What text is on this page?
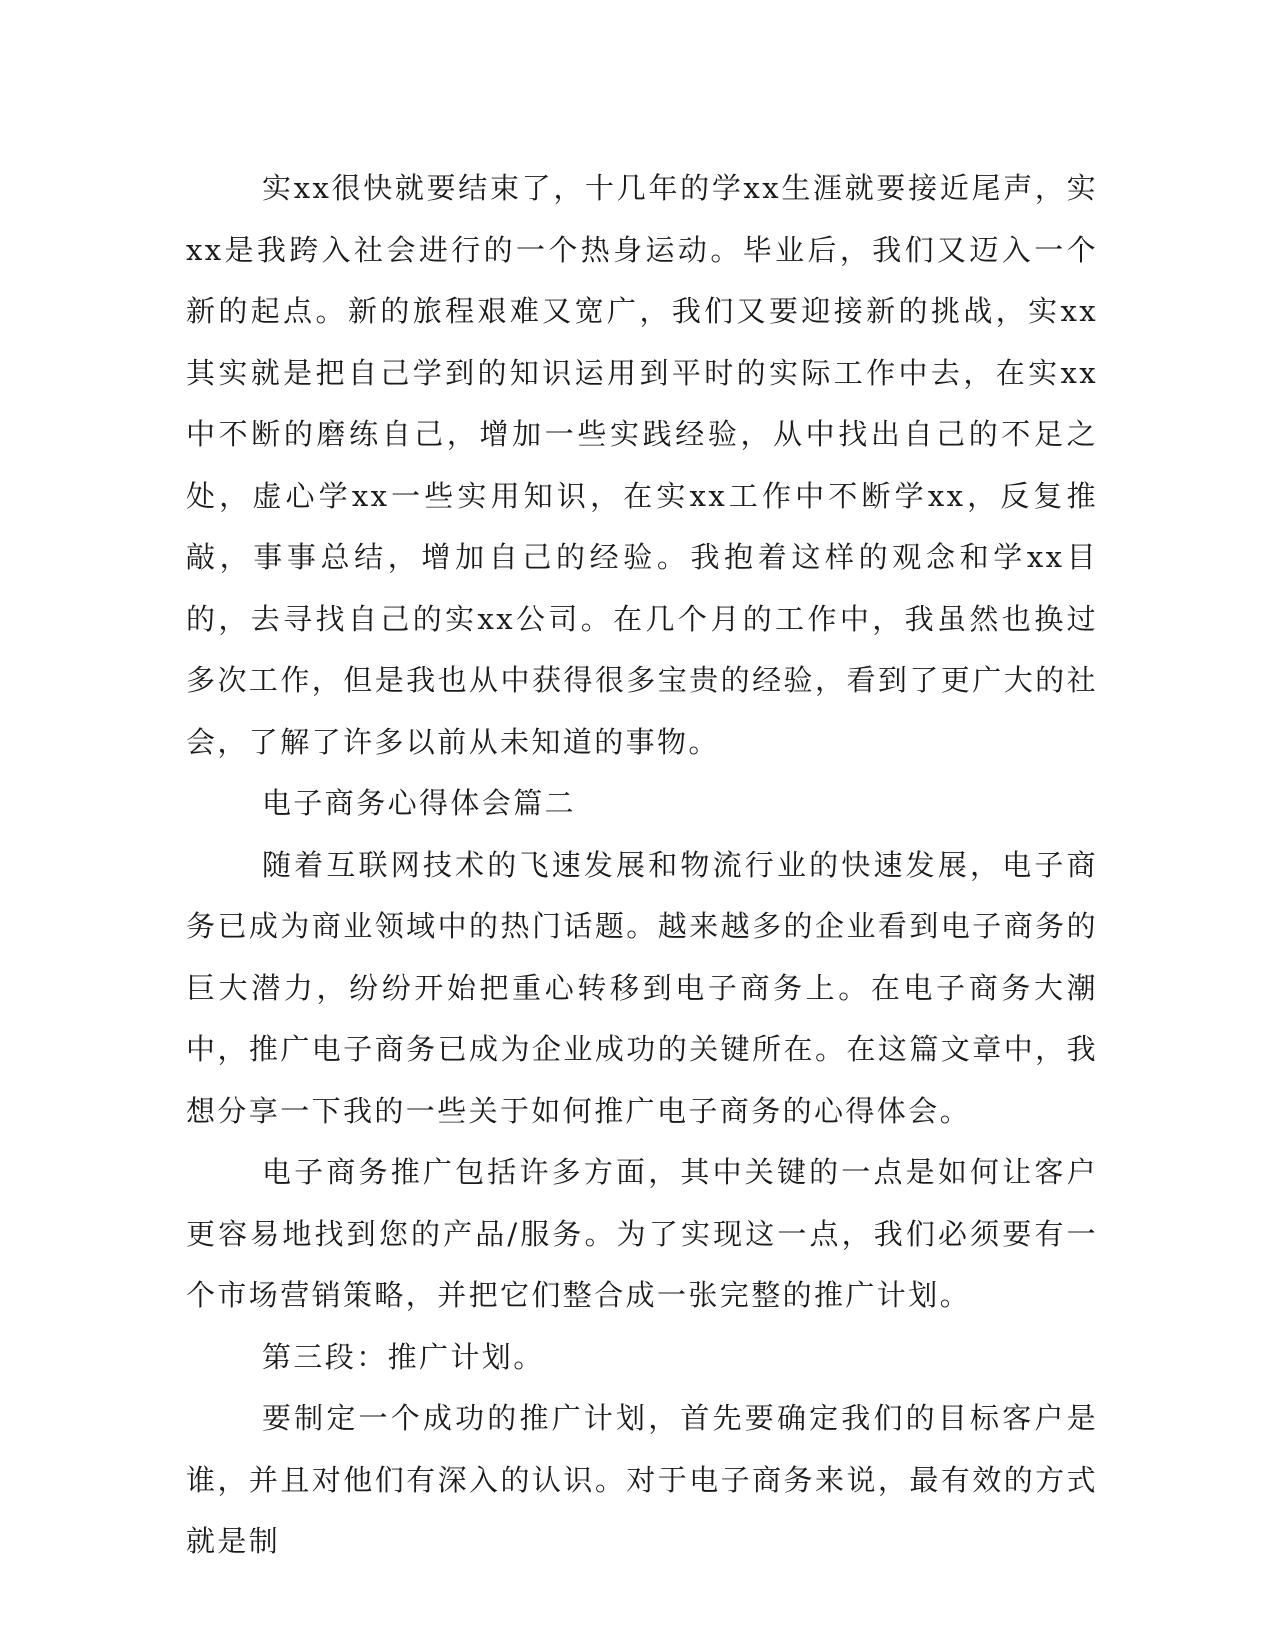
实xx很快就要结束了，十几年的学xx生涯就要接近尾声，实xx是我跨入社会进行的一个热身运动。毕业后，我们又迈入一个新的起点。新的旅程艰难又宽广，我们又要迎接新的挑战，实xx其实就是把自己学到的知识运用到平时的实际工作中去，在实xx中不断的磨练自己，增加一些实践经验，从中找出自己的不足之处，虚心学xx一些实用知识，在实xx工作中不断学xx，反复推敲，事事总结，增加自己的经验。我抱着这样的观念和学xx目的，去寻找自己的实xx公司。在几个月的工作中，我虽然也换过多次工作，但是我也从中获得很多宝贵的经验，看到了更广大的社会，了解了许多以前从未知道的事物。

电子商务心得体会篇二

随着互联网技术的飞速发展和物流行业的快速发展，电子商务已成为商业领域中的热门话题。越来越多的企业看到电子商务的巨大潜力，纷纷开始把重心转移到电子商务上。在电子商务大潮中，推广电子商务已成为企业成功的关键所在。在这篇文章中，我想分享一下我的一些关于如何推广电子商务的心得体会。

电子商务推广包括许多方面，其中关键的一点是如何让客户更容易地找到您的产品/服务。为了实现这一点，我们必须要有一个市场营销策略，并把它们整合成一张完整的推广计划。

第三段：推广计划。

要制定一个成功的推广计划，首先要确定我们的目标客户是谁，并且对他们有深入的认识。对于电子商务来说，最有效的方式就是制
